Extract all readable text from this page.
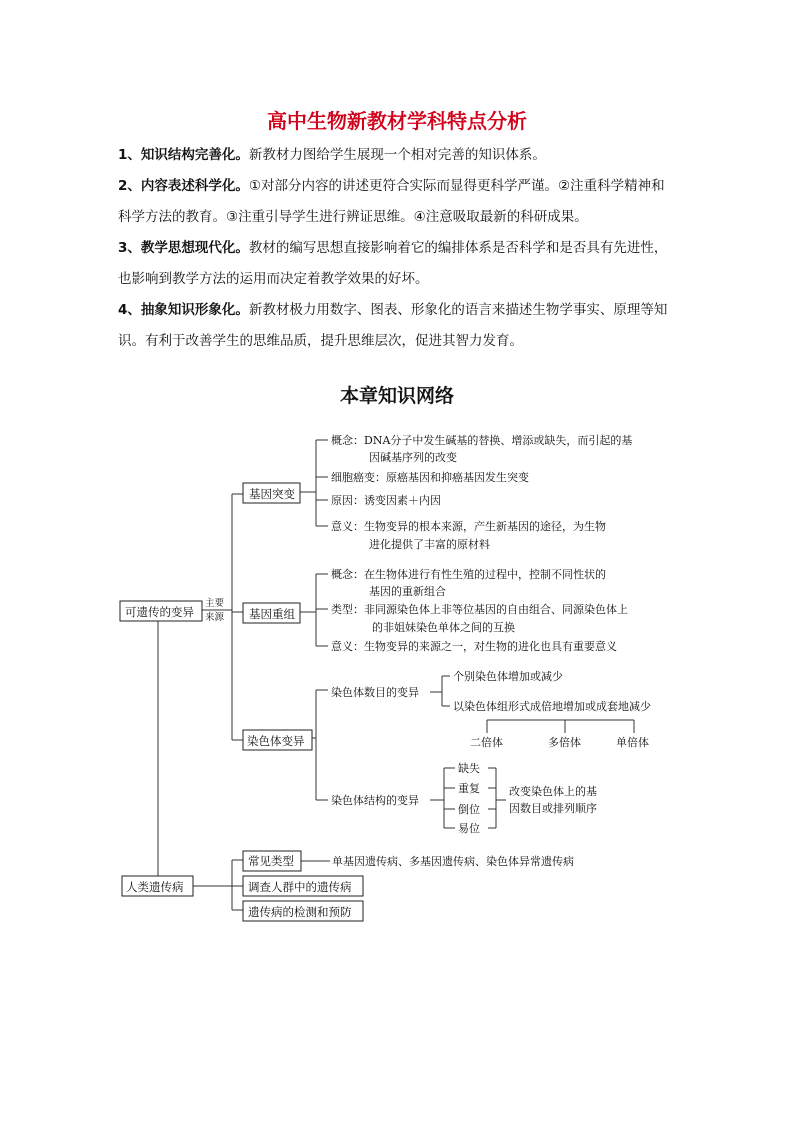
高中生物新教材学科特点分析
1、知识结构完善化。新教材力图给学生展现一个相对完善的知识体系。
2、内容表述科学化。①对部分内容的讲述更符合实际而显得更科学严谨。②注重科学精神和科学方法的教育。③注重引导学生进行辨证思维。④注意吸取最新的科研成果。
3、教学思想现代化。教材的编写思想直接影响着它的编排体系是否科学和是否具有先进性，也影响到教学方法的运用而决定着教学效果的好坏。
4、抽象知识形象化。新教材极力用数字、图表、形象化的语言来描述生物学事实、原理等知识。有利于改善学生的思维品质，提升思维层次，促进其智力发育。
本章知识网络
可遗传的变异
主要
来源
人类遗传病
基因突变
概念：DNA分子中发生碱基的替换、增添或缺失，而引起的基
因碱基序列的改变
细胞癌变：原癌基因和抑癌基因发生突变
原因：诱变因素＋内因
意义：生物变异的根本来源，产生新基因的途径，为生物
进化提供了丰富的原材料
基因重组
概念：在生物体进行有性生殖的过程中，控制不同性状的
基因的重新组合
类型：非同源染色体上非等位基因的自由组合、同源染色体上
的非姐妹染色单体之间的互换
意义：生物变异的来源之一，对生物的进化也具有重要意义
染色体变异
染色体数目的变异
个别染色体增加或减少
以染色体组形式成倍地增加或成套地减少
二倍体	多倍体	单倍体
染色体结构的变异
缺失
重复
倒位
易位
改变染色体上的基
因数目或排列顺序
常见类型	单基因遗传病、多基因遗传病、染色体异常遗传病
调查人群中的遗传病
遗传病的检测和预防
